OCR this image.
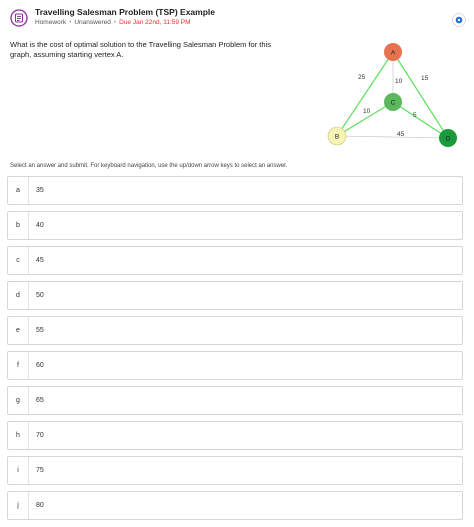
Travelling Salesman Problem (TSP) Example
Homework • Unanswered • Due Jan 22nd, 11:59 PM
What is the cost of optimal solution to the Travelling Salesman Problem for this graph, assuming starting vertex A.
25
10	15
10
5
45
A
B
C
D
Select an answer and submit. For keyboard navigation, use the up/down arrow keys to select an answer.
a	35
b	40
c	45
d	50
e	55
f	60
g	65
h	70
i	75
j	80
